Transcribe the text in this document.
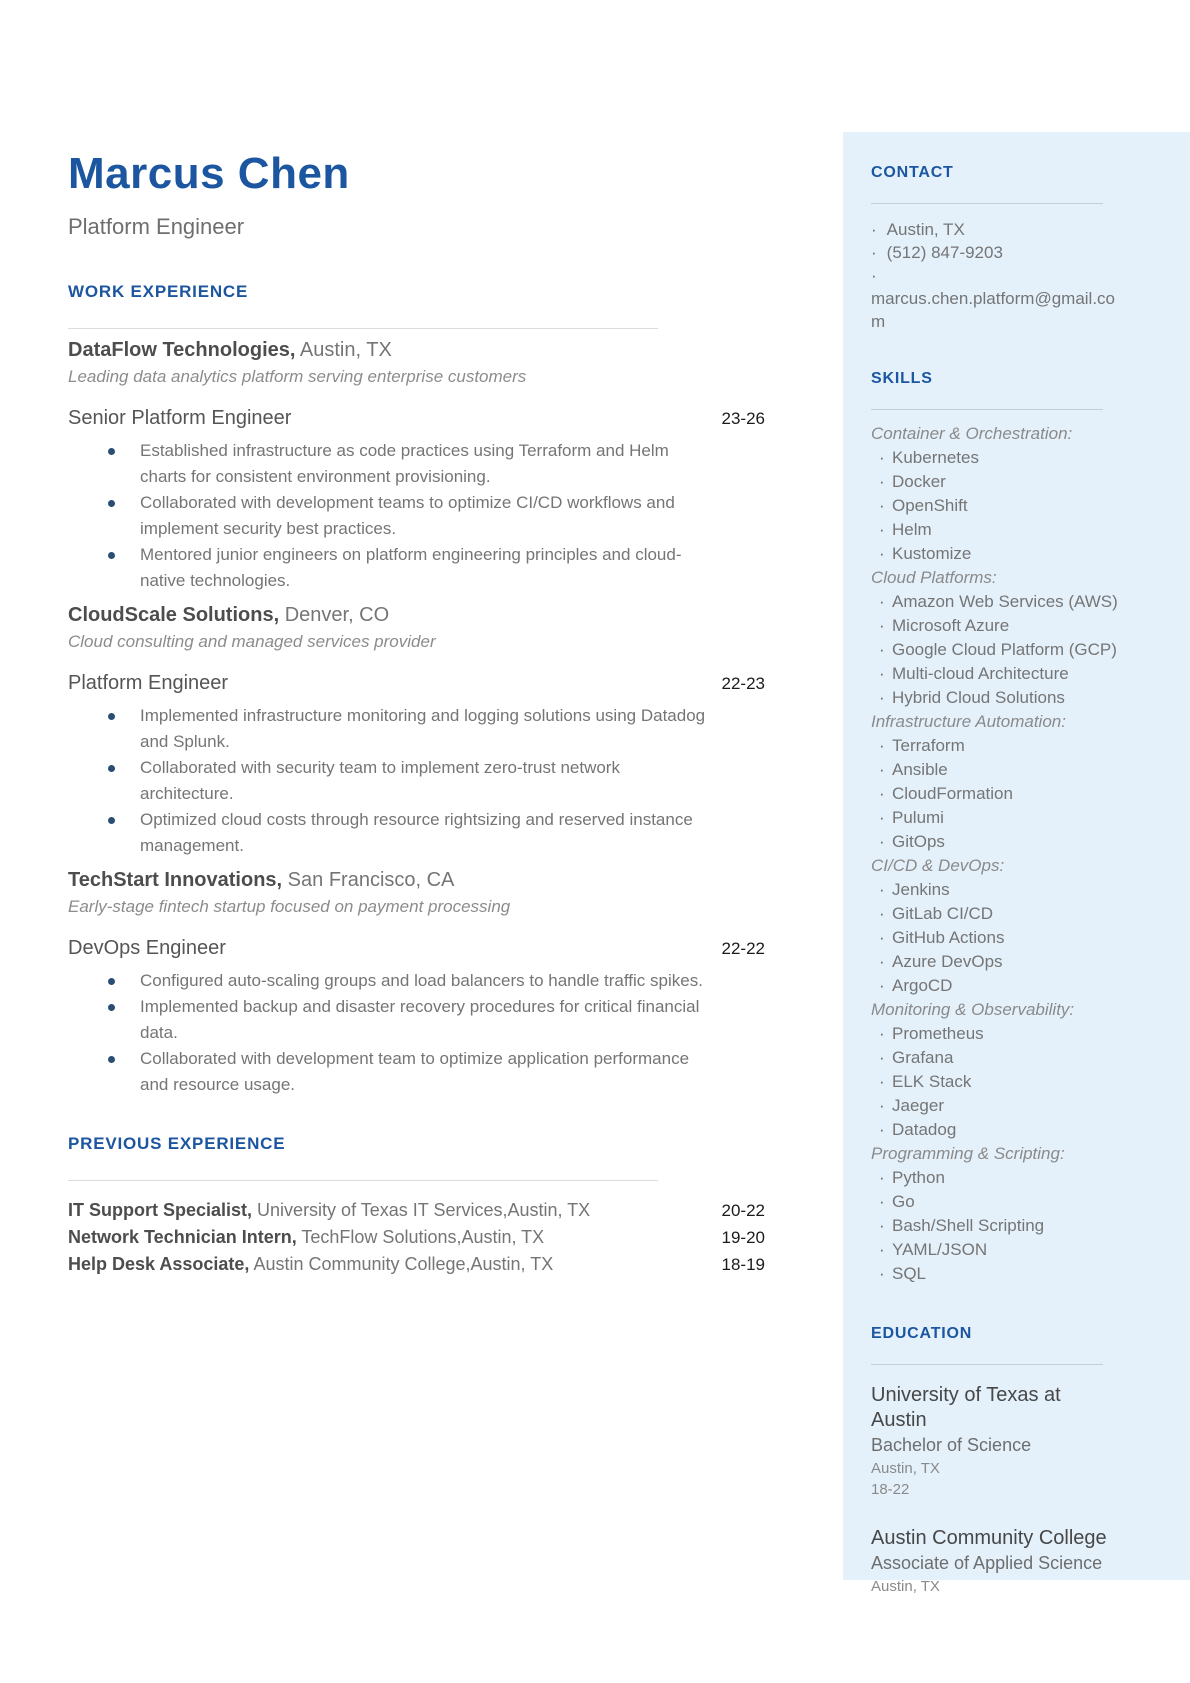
Marcus Chen
Platform Engineer
WORK EXPERIENCE
DataFlow Technologies, Austin, TX
Leading data analytics platform serving enterprise customers
Senior Platform Engineer	23-26
Established infrastructure as code practices using Terraform and Helm charts for consistent environment provisioning.
Collaborated with development teams to optimize CI/CD workflows and implement security best practices.
Mentored junior engineers on platform engineering principles and cloud-native technologies.
CloudScale Solutions, Denver, CO
Cloud consulting and managed services provider
Platform Engineer	22-23
Implemented infrastructure monitoring and logging solutions using Datadog and Splunk.
Collaborated with security team to implement zero-trust network architecture.
Optimized cloud costs through resource rightsizing and reserved instance management.
TechStart Innovations, San Francisco, CA
Early-stage fintech startup focused on payment processing
DevOps Engineer	22-22
Configured auto-scaling groups and load balancers to handle traffic spikes.
Implemented backup and disaster recovery procedures for critical financial data.
Collaborated with development team to optimize application performance and resource usage.
PREVIOUS EXPERIENCE
IT Support Specialist, University of Texas IT Services,Austin, TX	20-22
Network Technician Intern, TechFlow Solutions,Austin, TX	19-20
Help Desk Associate, Austin Community College,Austin, TX	18-19
CONTACT
· Austin, TX
· (512) 847-9203
·
marcus.chen.platform@gmail.com
SKILLS
Container & Orchestration:
· Kubernetes
· Docker
· OpenShift
· Helm
· Kustomize
Cloud Platforms:
· Amazon Web Services (AWS)
· Microsoft Azure
· Google Cloud Platform (GCP)
· Multi-cloud Architecture
· Hybrid Cloud Solutions
Infrastructure Automation:
· Terraform
· Ansible
· CloudFormation
· Pulumi
· GitOps
CI/CD & DevOps:
· Jenkins
· GitLab CI/CD
· GitHub Actions
· Azure DevOps
· ArgoCD
Monitoring & Observability:
· Prometheus
· Grafana
· ELK Stack
· Jaeger
· Datadog
Programming & Scripting:
· Python
· Go
· Bash/Shell Scripting
· YAML/JSON
· SQL
EDUCATION
University of Texas at Austin
Bachelor of Science
Austin, TX
18-22
Austin Community College
Associate of Applied Science
Austin, TX
